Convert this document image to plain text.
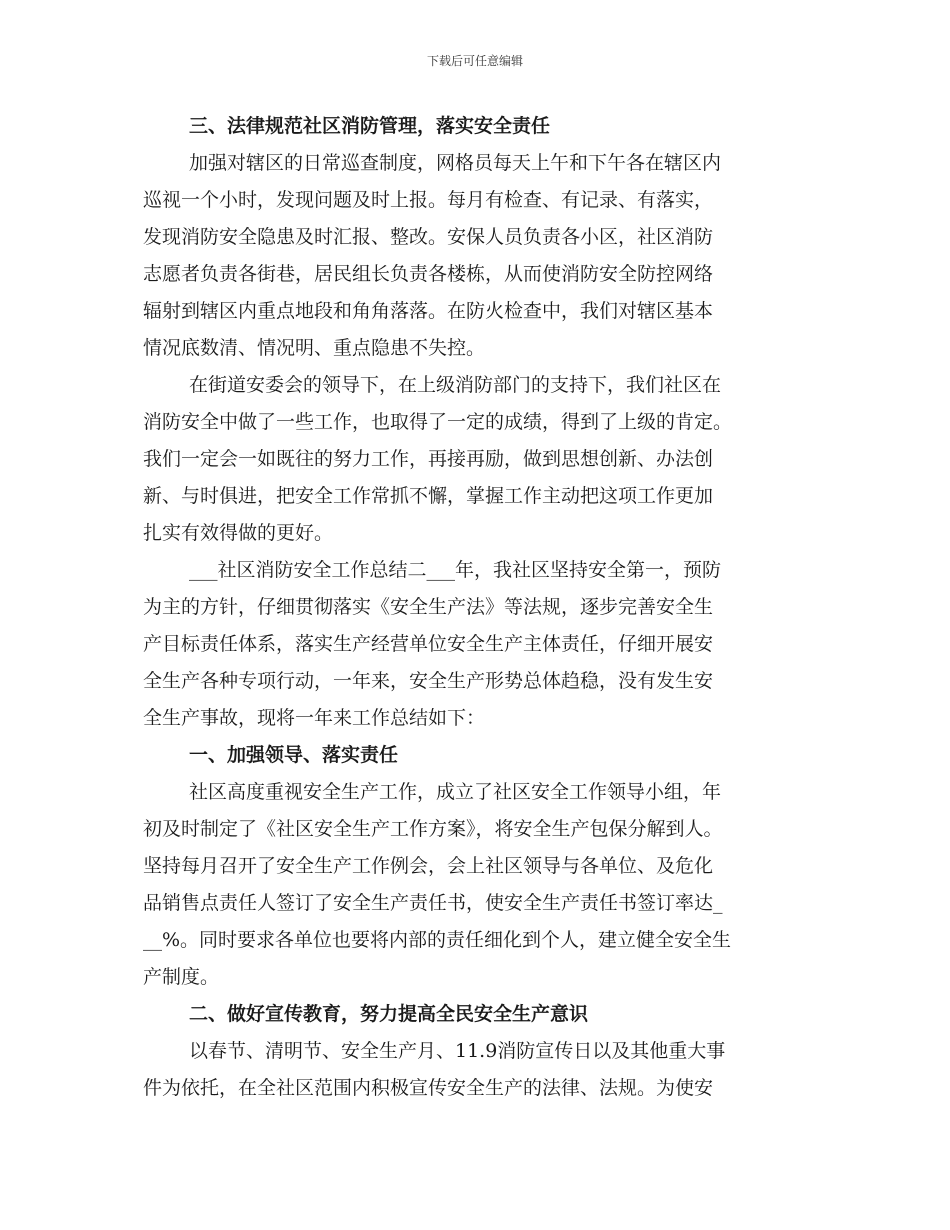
下载后可任意编辑
三、法律规范社区消防管理，落实安全责任
加强对辖区的日常巡查制度，网格员每天上午和下午各在辖区内
巡视一个小时，发现问题及时上报。每月有检查、有记录、有落实，
发现消防安全隐患及时汇报、整改。安保人员负责各小区，社区消防
志愿者负责各街巷，居民组长负责各楼栋，从而使消防安全防控网络
辐射到辖区内重点地段和角角落落。在防火检查中，我们对辖区基本
情况底数清、情况明、重点隐患不失控。
在街道安委会的领导下，在上级消防部门的支持下，我们社区在
消防安全中做了一些工作，也取得了一定的成绩，得到了上级的肯定。
我们一定会一如既往的努力工作，再接再励，做到思想创新、办法创
新、与时俱进，把安全工作常抓不懈，掌握工作主动把这项工作更加
扎实有效得做的更好。
___社区消防安全工作总结二___年，我社区坚持安全第一，预防
为主的方针，仔细贯彻落实《安全生产法》等法规，逐步完善安全生
产目标责任体系，落实生产经营单位安全生产主体责任，仔细开展安
全生产各种专项行动，一年来，安全生产形势总体趋稳，没有发生安
全生产事故，现将一年来工作总结如下：
一、加强领导、落实责任
社区高度重视安全生产工作，成立了社区安全工作领导小组，年
初及时制定了《社区安全生产工作方案》，将安全生产包保分解到人。
坚持每月召开了安全生产工作例会，会上社区领导与各单位、及危化
品销售点责任人签订了安全生产责任书，使安全生产责任书签订率达_
__%。同时要求各单位也要将内部的责任细化到个人，建立健全安全生
产制度。
二、做好宣传教育，努力提高全民安全生产意识
以春节、清明节、安全生产月、11.9消防宣传日以及其他重大事
件为依托，在全社区范围内积极宣传安全生产的法律、法规。为使安
